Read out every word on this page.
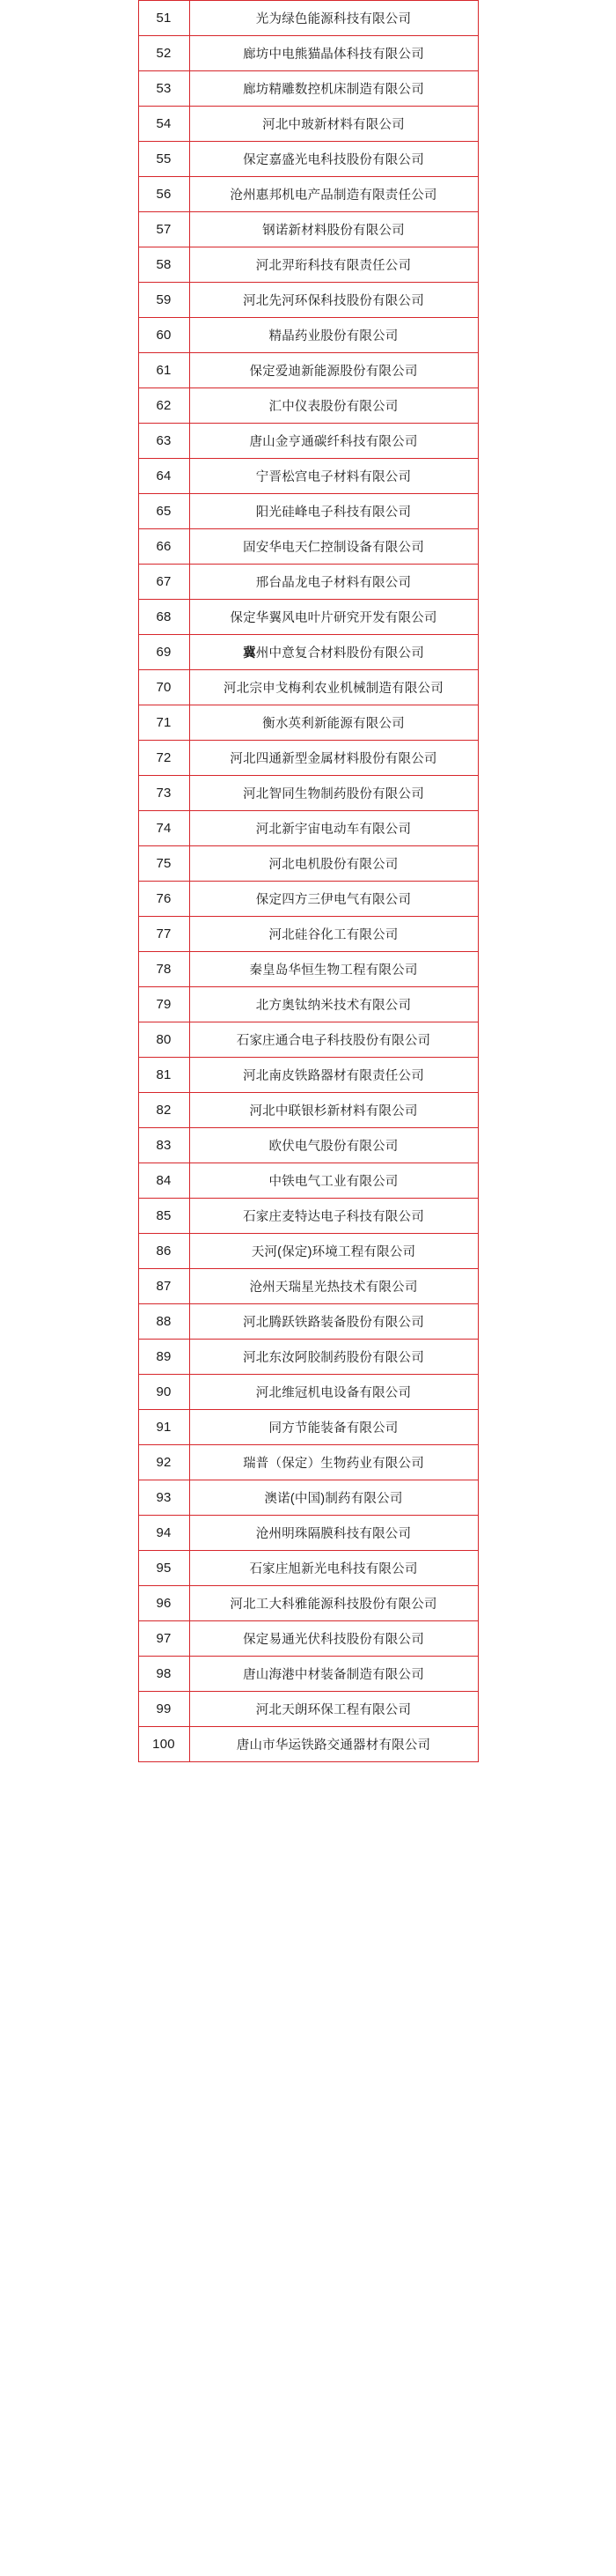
51	光为绿色能源科技有限公司
52	廊坊中电熊猫晶体科技有限公司
53	廊坊精雕数控机床制造有限公司
54	河北中玻新材料有限公司
55	保定嘉盛光电科技股份有限公司
56	沧州惠邦机电产品制造有限责任公司
57	钢诺新材料股份有限公司
58	河北羿珩科技有限责任公司
59	河北先河环保科技股份有限公司
60	精晶药业股份有限公司
61	保定爱迪新能源股份有限公司
62	汇中仪表股份有限公司
63	唐山金亨通碳纤科技有限公司
64	宁晋松宫电子材料有限公司
65	阳光硅峰电子科技有限公司
66	固安华电天仁控制设备有限公司
67	邢台晶龙电子材料有限公司
68	保定华翼风电叶片研究开发有限公司
69	冀州中意复合材料股份有限公司
70	河北宗申戈梅利农业机械制造有限公司
71	衡水英利新能源有限公司
72	河北四通新型金属材料股份有限公司
73	河北智同生物制药股份有限公司
74	河北新宇宙电动车有限公司
75	河北电机股份有限公司
76	保定四方三伊电气有限公司
77	河北硅谷化工有限公司
78	秦皇岛华恒生物工程有限公司
79	北方奥钛纳米技术有限公司
80	石家庄通合电子科技股份有限公司
81	河北南皮铁路器材有限责任公司
82	河北中联银杉新材料有限公司
83	欧伏电气股份有限公司
84	中铁电气工业有限公司
85	石家庄麦特达电子科技有限公司
86	天河(保定)环境工程有限公司
87	沧州天瑞星光热技术有限公司
88	河北腾跃铁路装备股份有限公司
89	河北东汝阿胶制药股份有限公司
90	河北维冠机电设备有限公司
91	同方节能装备有限公司
92	瑞普（保定）生物药业有限公司
93	澳诺(中国)制药有限公司
94	沧州明珠隔膜科技有限公司
95	石家庄旭新光电科技有限公司
96	河北工大科雅能源科技股份有限公司
97	保定易通光伏科技股份有限公司
98	唐山海港中材装备制造有限公司
99	河北天朗环保工程有限公司
100	唐山市华运铁路交通器材有限公司
